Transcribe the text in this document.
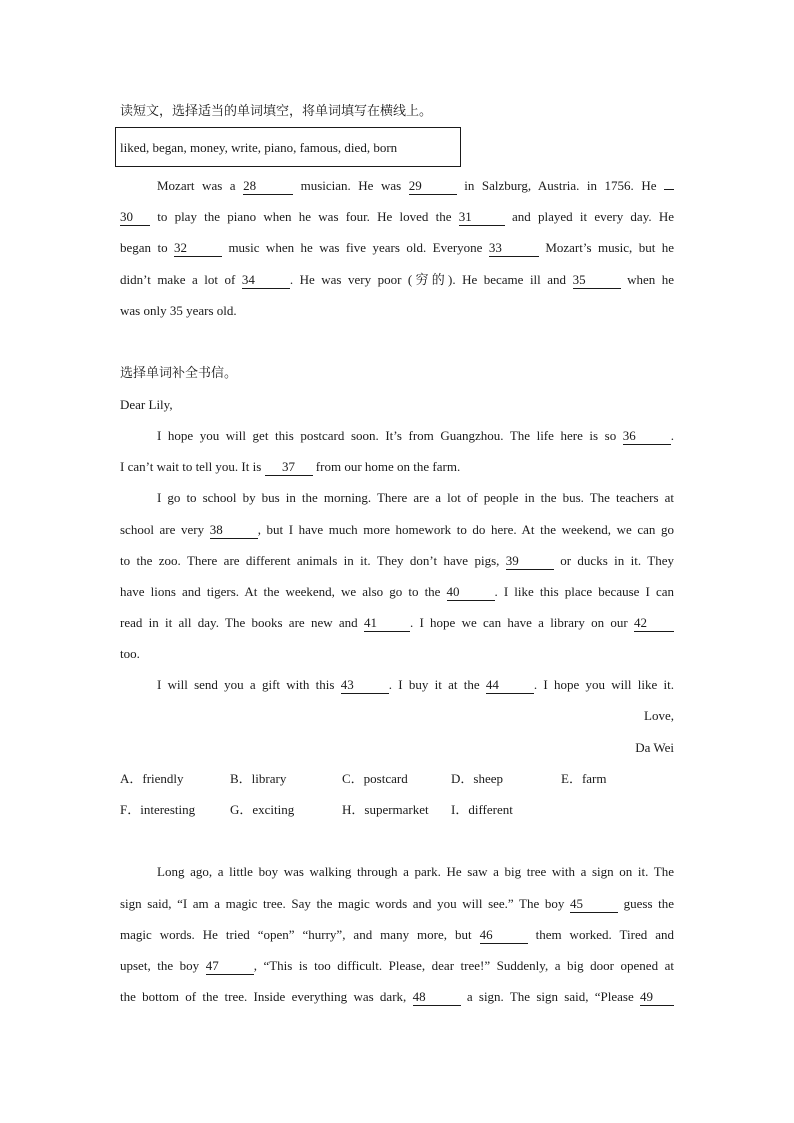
读短文，选择适当的单词填空，将单词填写在横线上。
liked, began, money, write, piano, famous, died, born
Mozart was a 28	musician. He was 29	in Salzburg, Austria. in 1756. He
30 to play the piano when he was four. He loved the 31	and played it every day. He
began to 32	music when he was five years old. Everyone 33	Mozart’s music, but he
didn’t make a lot of 34	. He was very poor (穷的). He became ill and 35	when he
was only 35 years old.
选择单词补全书信。
Dear Lily,
I hope you will get this postcard soon. It’s from Guangzhou. The life here is so 36	.
I can’t wait to tell you. It is 37 from our home on the farm.
I go to school by bus in the morning. There are a lot of people in the bus. The teachers at
school are very 38	, but I have much more homework to do here. At the weekend, we can go
to the zoo. There are different animals in it. They don’t have pigs, 39	or ducks in it. They
have lions and tigers. At the weekend, we also go to the 40	. I like this place because I can
read in it all day. The books are new and 41	. I hope we can have a library on our 42
too.
I will send you a gift with this 43	. I buy it at the 44	. I hope you will like it.
Love,
Da Wei
A．friendly	B．library	C．postcard	D．sheep	E．farm
F．interesting	G．exciting	H．supermarket I．different
Long ago, a little boy was walking through a park. He saw a big tree with a sign on it. The
sign said, “I am a magic tree. Say the magic words and you will see.” The boy 45	guess the
magic words. He tried “open” “hurry”, and many more, but 46	them worked. Tired and
upset, the boy 47	, “This is too difficult. Please, dear tree!” Suddenly, a big door opened at
the bottom of the tree. Inside everything was dark, 48	a sign. The sign said, “Please 49
